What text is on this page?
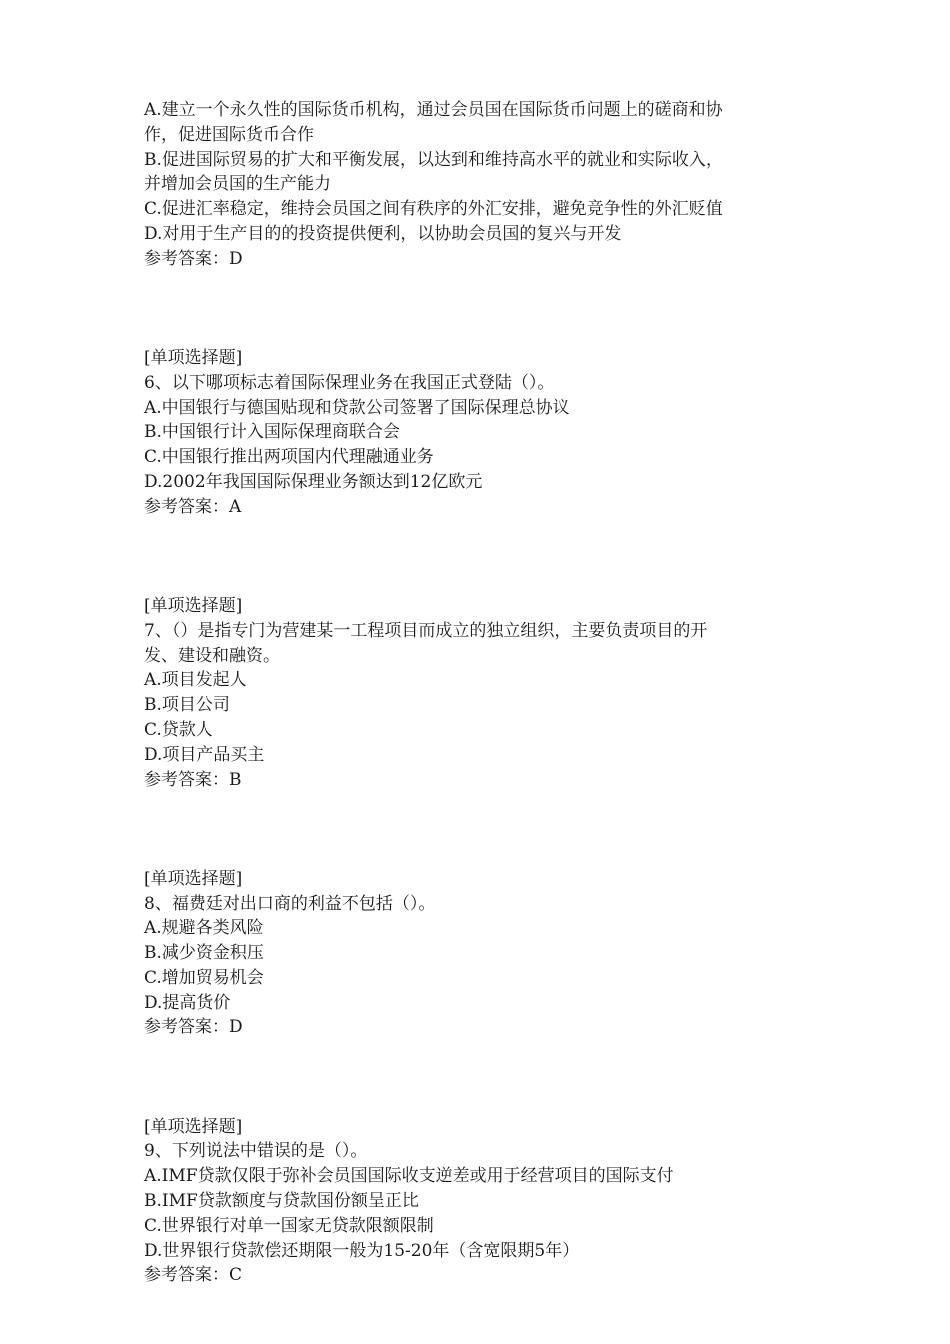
A.建立一个永久性的国际货币机构，通过会员国在国际货币问题上的磋商和协

作，促进国际货币合作

B.促进国际贸易的扩大和平衡发展，以达到和维持高水平的就业和实际收入，

并增加会员国的生产能力

C.促进汇率稳定，维持会员国之间有秩序的外汇安排，避免竞争性的外汇贬值

D.对用于生产目的的投资提供便利，以协助会员国的复兴与开发

参考答案：D

[单项选择题]

6、以下哪项标志着国际保理业务在我国正式登陆（）。

A.中国银行与德国贴现和贷款公司签署了国际保理总协议

B.中国银行计入国际保理商联合会

C.中国银行推出两项国内代理融通业务

D.2002年我国国际保理业务额达到12亿欧元

参考答案：A

[单项选择题]

7、（）是指专门为营建某一工程项目而成立的独立组织，主要负责项目的开

发、建设和融资。

A.项目发起人

B.项目公司

C.贷款人

D.项目产品买主

参考答案：B

[单项选择题]

8、福费廷对出口商的利益不包括（）。

A.规避各类风险

B.减少资金积压

C.增加贸易机会

D.提高货价

参考答案：D

[单项选择题]

9、下列说法中错误的是（）。

A.IMF贷款仅限于弥补会员国国际收支逆差或用于经营项目的国际支付

B.IMF贷款额度与贷款国份额呈正比

C.世界银行对单一国家无贷款限额限制

D.世界银行贷款偿还期限一般为15-20年（含宽限期5年）

参考答案：C
